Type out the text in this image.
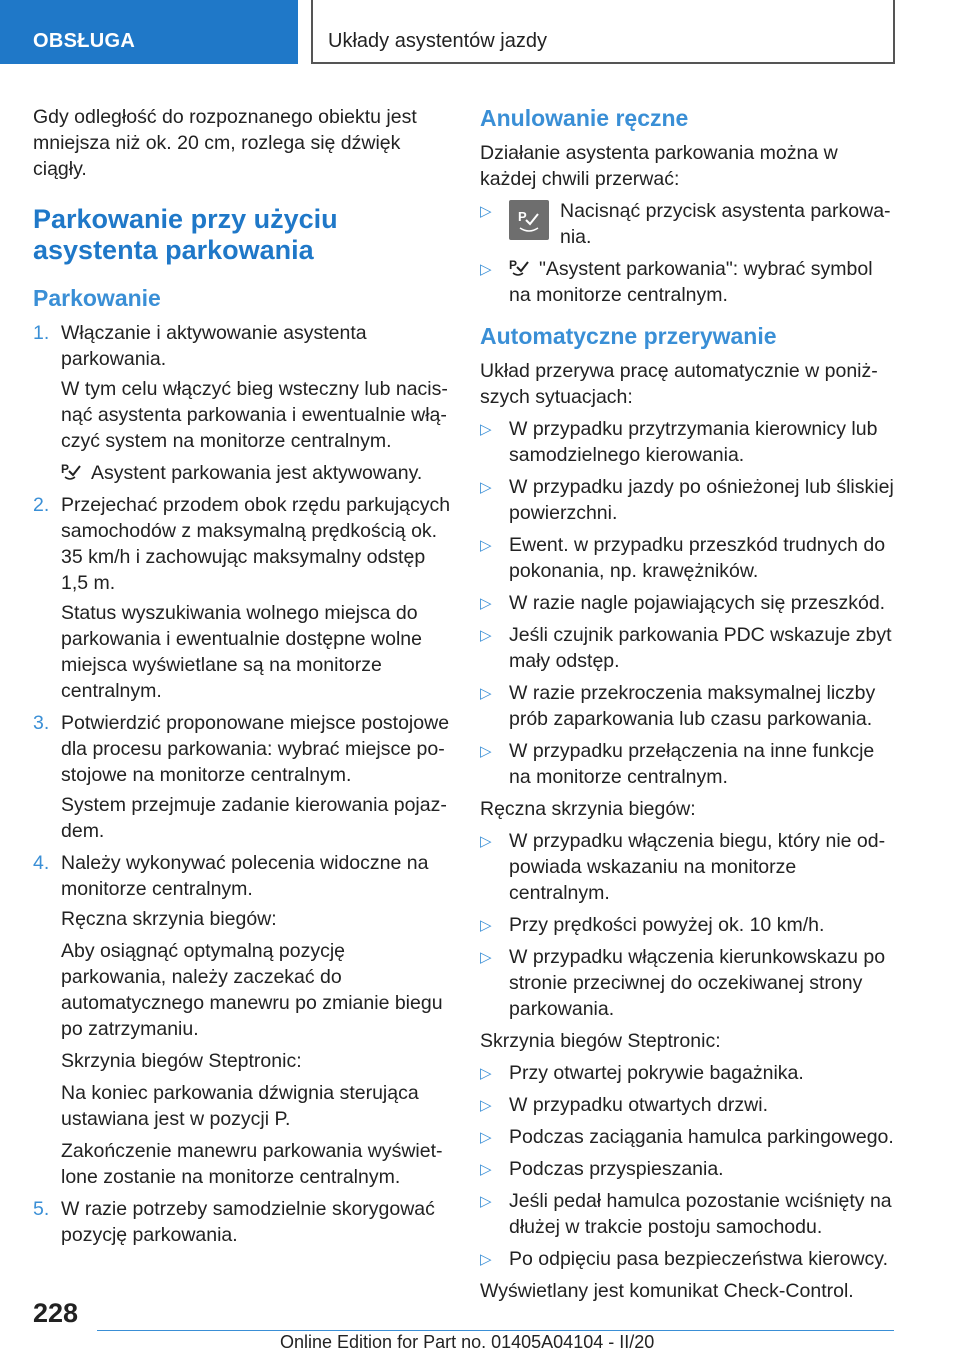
OBSŁUGA	Układy asystentów jazdy

Gdy odległość do rozpoznanego obiektu jest mniejsza niż ok. 20 cm, rozlega się dźwięk ciągły.

Parkowanie przy użyciu asystenta parkowania
Parkowanie
1. Włączanie i aktywowanie asystenta parkowania.

W tym celu włączyć bieg wsteczny lub nacisnąć asystenta parkowania i ewentualnie włączyć system na monitorze centralnym.

P Asystent parkowania jest aktywowany.

2. Przejechać przodem obok rzędu parkujących samochodów z maksymalną prędkością ok. 35 km/h i zachowując maksymalny odstęp 1,5 m.

Status wyszukiwania wolnego miejsca do parkowania i ewentualnie dostępne wolne miejsca wyświetlane są na monitorze centralnym.

3. Potwierdzić proponowane miejsce postojowe dla procesu parkowania: wybrać miejsce postojowe na monitorze centralnym.

System przejmuje zadanie kierowania pojazdem.

4. Należy wykonywać polecenia widoczne na monitorze centralnym.

Ręczna skrzynia biegów:

Aby osiągnąć optymalną pozycję parkowania, należy zaczekać do automatycznego manewru po zmianie biegu po zatrzymaniu.

Skrzynia biegów Steptronic:

Na koniec parkowania dźwignia sterująca ustawiana jest w pozycji P.

Zakończenie manewru parkowania wyświetlone zostanie na monitorze centralnym.

5. W razie potrzeby samodzielnie skorygować pozycję parkowania.
Anulowanie ręczne

Działanie asystenta parkowania można w każdej chwili przerwać:

▷ P	Nacisnąć przycisk asystenta parkowania.
▷ P "Asystent parkowania": wybrać symbol na monitorze centralnym.
Automatyczne przerywanie

Układ przerywa pracę automatycznie w poniższych sytuacjach:

▷ W przypadku przytrzymania kierownicy lub samodzielnego kierowania.
▷ W przypadku jazdy po ośnieżonej lub śliskiej powierzchni.
▷ Ewent. w przypadku przeszkód trudnych do pokonania, np. krawężników.
▷ W razie nagle pojawiających się przeszkód.
▷ Jeśli czujnik parkowania PDC wskazuje zbyt mały odstęp.
▷ W razie przekroczenia maksymalnej liczby prób zaparkowania lub czasu parkowania.
▷ W przypadku przełączenia na inne funkcje na monitorze centralnym.

Ręczna skrzynia biegów:

▷ W przypadku włączenia biegu, który nie odpowiada wskazaniu na monitorze centralnym.
▷ Przy prędkości powyżej ok. 10 km/h.
▷ W przypadku włączenia kierunkowskazu po stronie przeciwnej do oczekiwanej strony parkowania.

Skrzynia biegów Steptronic:

▷ Przy otwartej pokrywie bagażnika.
▷ W przypadku otwartych drzwi.
▷ Podczas zaciągania hamulca parkingowego.
▷ Podczas przyspieszania.
▷ Jeśli pedał hamulca pozostanie wciśnięty na dłużej w trakcie postoju samochodu.
▷ Po odpięciu pasa bezpieczeństwa kierowcy.

Wyświetlany jest komunikat Check-Control.

228
Online Edition for Part no. 01405A04104 - II/20
